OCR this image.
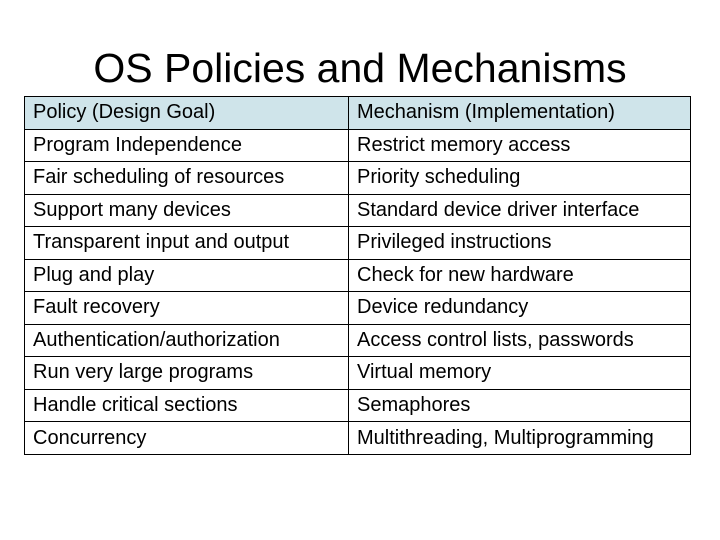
OS Policies and Mechanisms
Policy (Design Goal)	Mechanism (Implementation)
Program Independence	Restrict memory access
Fair scheduling of resources	Priority scheduling
Support many devices	Standard device driver interface
Transparent input and output	Privileged instructions
Plug and play	Check for new hardware
Fault recovery	Device redundancy
Authentication/authorization	Access control lists, passwords
Run very large programs	Virtual memory
Handle critical sections	Semaphores
Concurrency	Multithreading, Multiprogramming
